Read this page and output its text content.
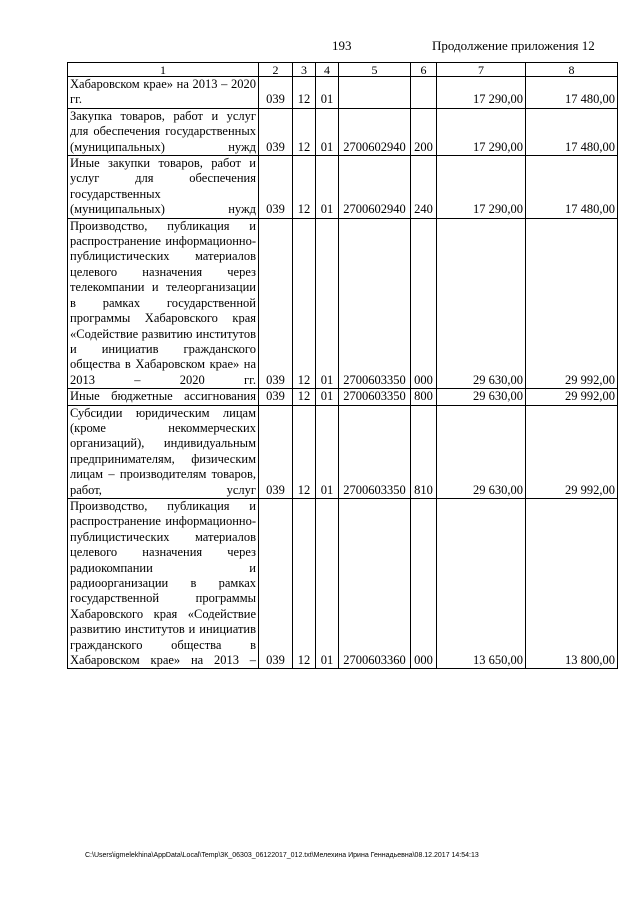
193	Продолжение приложения 12
1	2	3	4	5	6	7	8
Хабаровском крае» на 2013 – 2020 гг.	039	12	01			17 290,00	17 480,00
Закупка товаров, работ и услуг для обеспечения государственных (муниципальных) нужд	039	12	01	2700602940	200	17 290,00	17 480,00
Иные закупки товаров, работ и услуг для обеспечения государственных (муниципальных) нужд	039	12	01	2700602940	240	17 290,00	17 480,00
Производство, публикация и распространение информационно-публицистических материалов целевого назначения через телекомпании и телеорганизации в рамках государственной программы Хабаровского края «Содействие развитию институтов и инициатив гражданского общества в Хабаровском крае» на 2013 – 2020 гг.	039	12	01	2700603350	000	29 630,00	29 992,00
Иные бюджетные ассигнования	039	12	01	2700603350	800	29 630,00	29 992,00
Субсидии юридическим лицам (кроме некоммерческих организаций), индивидуальным предпринимателям, физическим лицам – производителям товаров, работ, услуг	039	12	01	2700603350	810	29 630,00	29 992,00
Производство, публикация и распространение информационно-публицистических материалов целевого назначения через радиокомпании и радиоорганизации в рамках государственной программы Хабаровского края «Содействие развитию институтов и инициатив гражданского общества в Хабаровском крае» на 2013 –	039	12	01	2700603360	000	13 650,00	13 800,00
C:\Users\igmelekhina\AppData\Local\Temp\3К_06303_06122017_012.txt\Мелехина Ирина Геннадьевна\08.12.2017 14:54:13
